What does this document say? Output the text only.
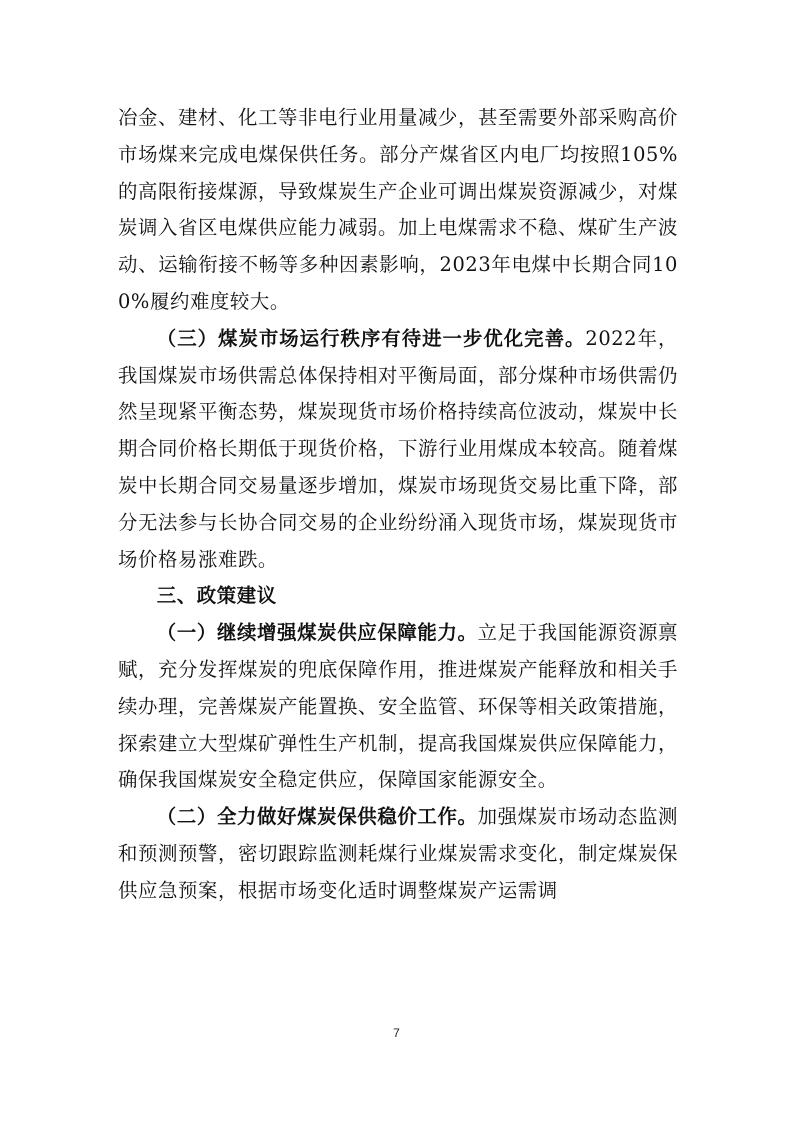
冶金、建材、化工等非电行业用量减少，甚至需要外部采购高价市场煤来完成电煤保供任务。部分产煤省区内电厂均按照105%的高限衔接煤源，导致煤炭生产企业可调出煤炭资源减少，对煤炭调入省区电煤供应能力减弱。加上电煤需求不稳、煤矿生产波动、运输衔接不畅等多种因素影响，2023年电煤中长期合同100%履约难度较大。

（三）煤炭市场运行秩序有待进一步优化完善。2022年，我国煤炭市场供需总体保持相对平衡局面，部分煤种市场供需仍然呈现紧平衡态势，煤炭现货市场价格持续高位波动，煤炭中长期合同价格长期低于现货价格，下游行业用煤成本较高。随着煤炭中长期合同交易量逐步增加，煤炭市场现货交易比重下降，部分无法参与长协合同交易的企业纷纷涌入现货市场，煤炭现货市场价格易涨难跌。

三、政策建议

（一）继续增强煤炭供应保障能力。立足于我国能源资源禀赋，充分发挥煤炭的兜底保障作用，推进煤炭产能释放和相关手续办理，完善煤炭产能置换、安全监管、环保等相关政策措施，探索建立大型煤矿弹性生产机制，提高我国煤炭供应保障能力，确保我国煤炭安全稳定供应，保障国家能源安全。

（二）全力做好煤炭保供稳价工作。加强煤炭市场动态监测和预测预警，密切跟踪监测耗煤行业煤炭需求变化，制定煤炭保供应急预案，根据市场变化适时调整煤炭产运需调

7
